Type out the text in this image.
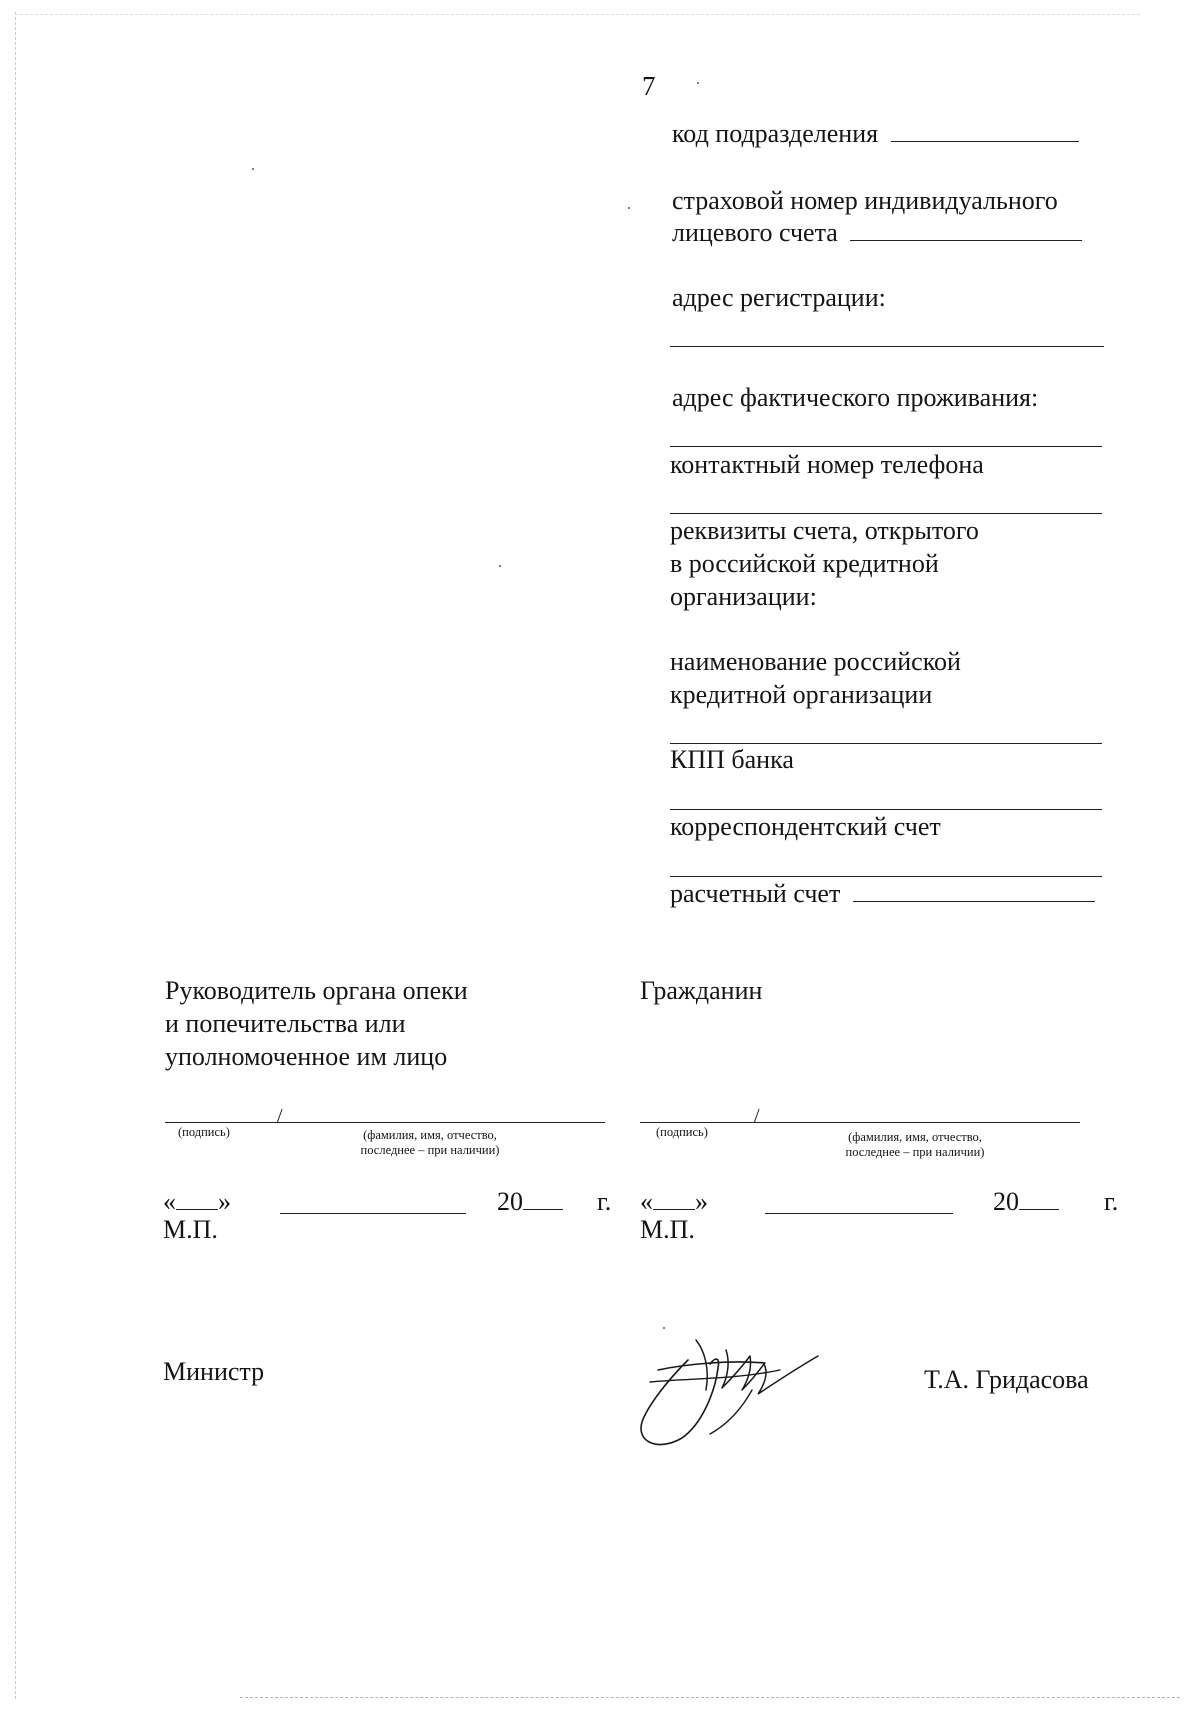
7
код подразделения
страховой номер индивидуального
лицевого счета
адрес регистрации:
адрес фактического проживания:
контактный номер телефона
реквизиты счета, открытого
в российской кредитной
организации:
наименование российской
кредитной организации
КПП банка
корреспондентский счет
расчетный счет
Руководитель органа опеки
и попечительства или
уполномоченное им лицо
/
(подпись)	(фамилия, имя, отчество,
последнее – при наличии)
« »	20	г.
М.П.
Гражданин
/
(подпись)	(фамилия, имя, отчество,
последнее – при наличии)
« »	20	г.
М.П.
Министр	Т.А. Гридасова
